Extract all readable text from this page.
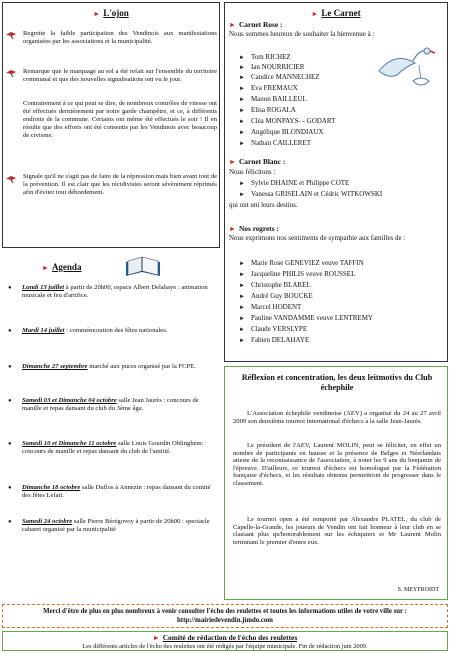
► L'ojon
Regrette la faible participation des Vendinois aux manifestations organisées par les associations et la municipalité.
Remarque que le marquage au sol a été refait sur l'ensemble du territoire communal et que des nouvelles signalisations ont vu le jour.
Contrairement à ce qui peut se dire, de nombreux contrôles de vitesse ont été effectués dernièrement par notre garde champêtre, et ce, à différents endroits de la commune. Certains ont même été effectués le soir ! Il en résulte que des efforts ont été consentis par les Vendinois avec beaucoup de civisme.
Signale qu'il ne s'agit pas de faire de la répression mais bien avant tout de la prévention. Il est clair que les récidivistes seront sévèrement réprimés afin d'éviter tout débordement.
► Agenda
● Lundi 13 juillet à partir de 20h00, espace Albert Delahaye : animation musicale et feu d'artifice.
● Mardi 14 juillet : commémoration des fêtes nationales.
● Dimanche 27 septembre marché aux puces organisé par la FCPE.
● Samedi 03 et Dimanche 04 octobre salle Jean Jaurès : concours de manille et repas dansant du club du 3ème âge.
● Samedi 10 et Dimanche 11 octobre salle Louis Gourdin Oblinghem: concours de manille et repas dansant du club de l'amitié.
● Dimanche 18 octobre salle Duflos à Annezin : repas dansant du comité des fêtes Lefait.
● Samedi 24 octobre salle Pierre Bérégovoy à partir de 20h00 : spectacle cabaret organisé par la municipalité
► Le Carnet
► Carnet Rose :
Nous sommes heureux de souhaiter la bienvenue à :
► Tom RICHEZ
► Ian NOURRICIER
► Candice MANNECHEZ
► Eva FREMAUX
► Manon BAILLEUL
► Elisa ROGALA
► Cléa MONPAYS- - GODART
► Angélique BLONDIAUX
► Nathan CAILLERET
► Carnet Blanc :
Nous félicitons :
► Sylvie DHAINE et Philippe COTE
► Vanessa GRISELAIN et Cédric WITKOWSKI
qui ont uni leurs destins.
► Nos regrets :
Nous exprimons nos sentiments de sympathie aux familles de :
► Marie Rose GENEVIEZ veuve TAFFIN
► Jacqueline PHILIS veuve ROUSSEL
► Christophe BLAREL
► André Guy BOUCKE
► Marcel HODENT
► Pauline VANDAMME veuve LENTREMY
► Claude VERSLYPE
► Fabien DELAHAYE
Réflexion et concentration, les deux leitmotivs du Club échephile
L'Association échephile vendinoise (AEV) a organisé du 24 au 27 avril 2009 son deuxième tournoi international d'échecs à la salle Jean-Jaurès.
Le président de l'AEV, Laurent MOLIN, peut se féliciter, en effet un nombre de participants en hausse et la présence de Belges et Néerlandais atteste de la reconnaissance de l'association, à noter les 9 ans du benjamin de l'épreuve. D'ailleurs, ce tournoi d'échecs est homologué par la Fédération française d'échecs, et les résultats obtenus permettront de progresser dans le classement.
Le tournoi open a été remporté par Alexandre PLATEL, du club de Capelle-la-Grande, les joueurs de Vendin ont fait honneur à leur club en se classant plus qu'honorablement sur les échiquiers et Mr Laurent Molin terminant le premier d'entre eux.
S. MEYFROIDT
Merci d'être de plus en plus nombreux à venir consulter l'écho des reulettes et toutes les informations utiles de votre ville sur : http://mairiedevendin.jimdo.com
► Comité de rédaction de l'écho des reulettes
Les différents articles de l'écho des reulettes ont été rédigés par l'équipe municipale. Fin de rédaction juin 2009.
